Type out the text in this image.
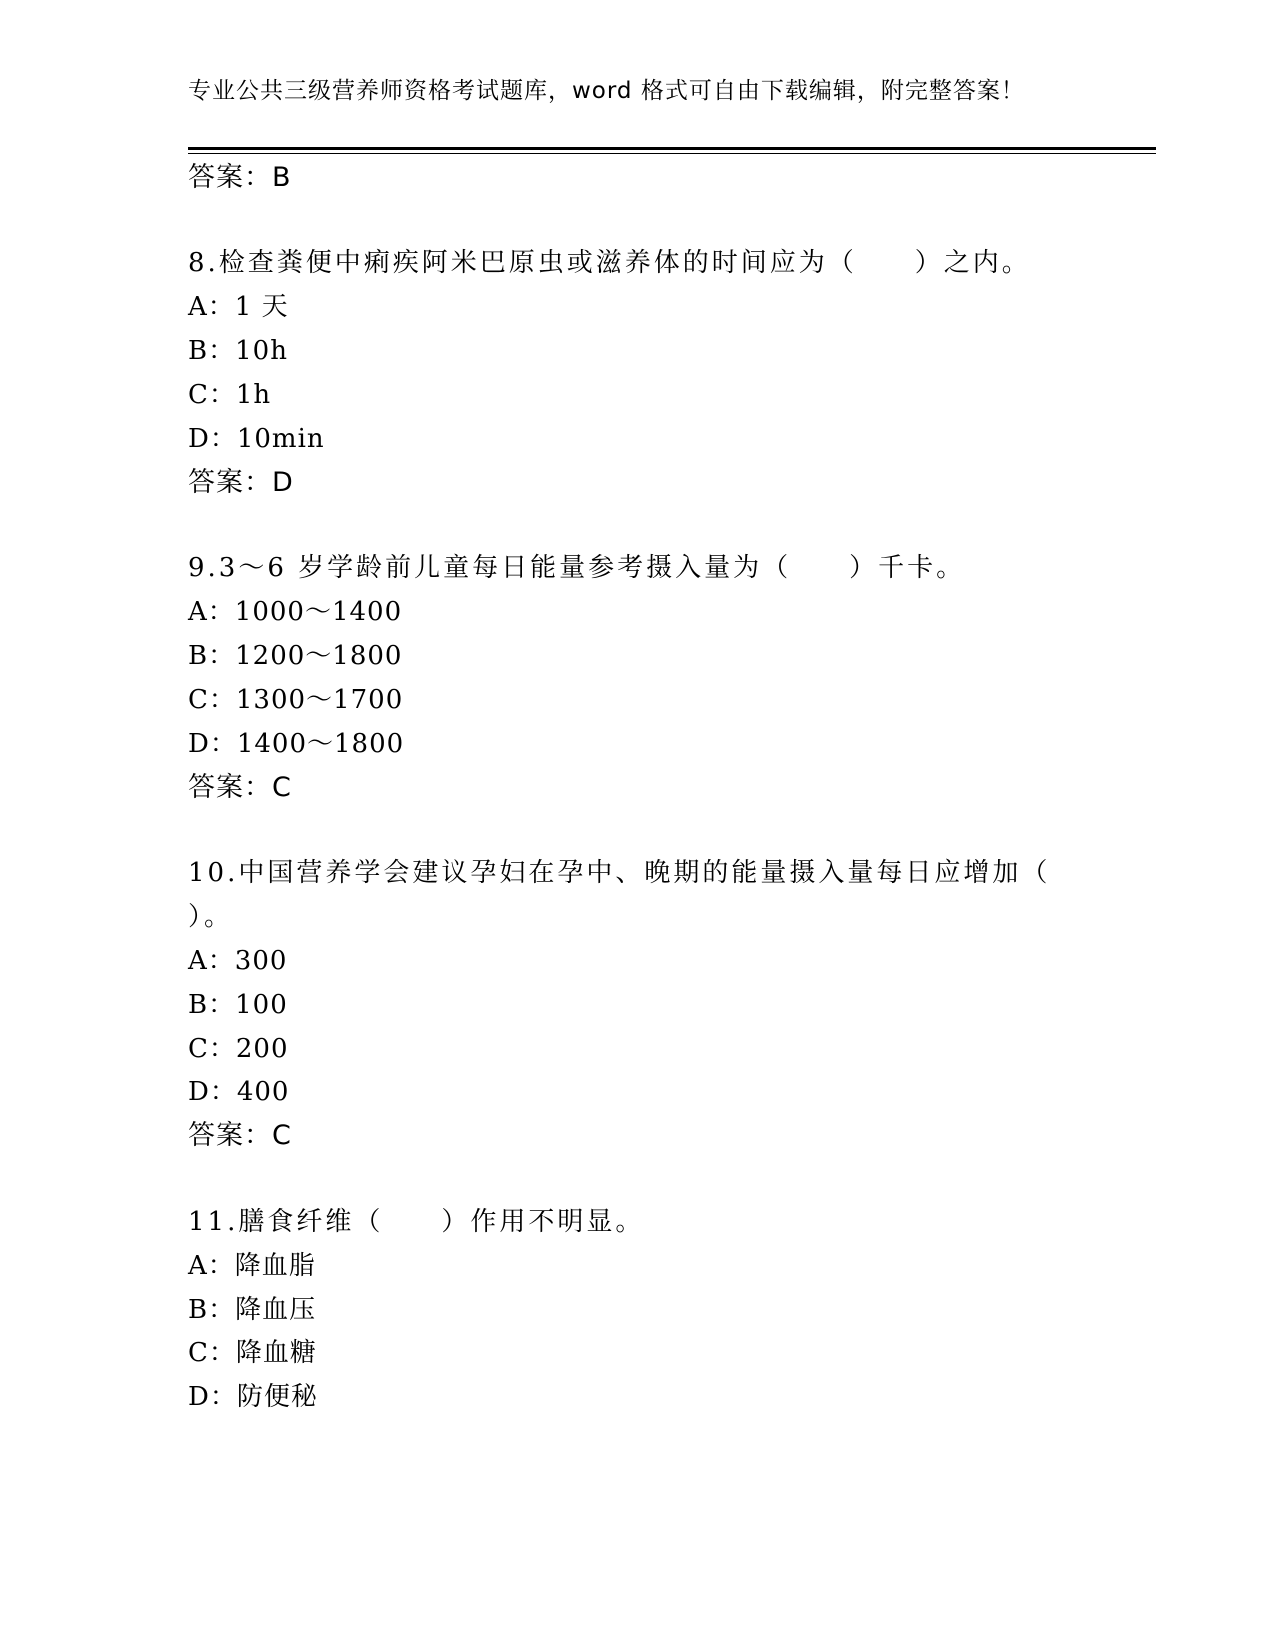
专业公共三级营养师资格考试题库，word 格式可自由下载编辑，附完整答案！
答案：B
8.检查粪便中痢疾阿米巴原虫或滋养体的时间应为（　　）之内。
A：1 天
B：10h
C：1h
D：10min
答案：D
9.3～6 岁学龄前儿童每日能量参考摄入量为（　　）千卡。
A：1000～1400
B：1200～1800
C：1300～1700
D：1400～1800
答案：C
10.中国营养学会建议孕妇在孕中、晚期的能量摄入量每日应增加（
）。
A：300
B：100
C：200
D：400
答案：C
11.膳食纤维（　　）作用不明显。
A：降血脂
B：降血压
C：降血糖
D：防便秘
